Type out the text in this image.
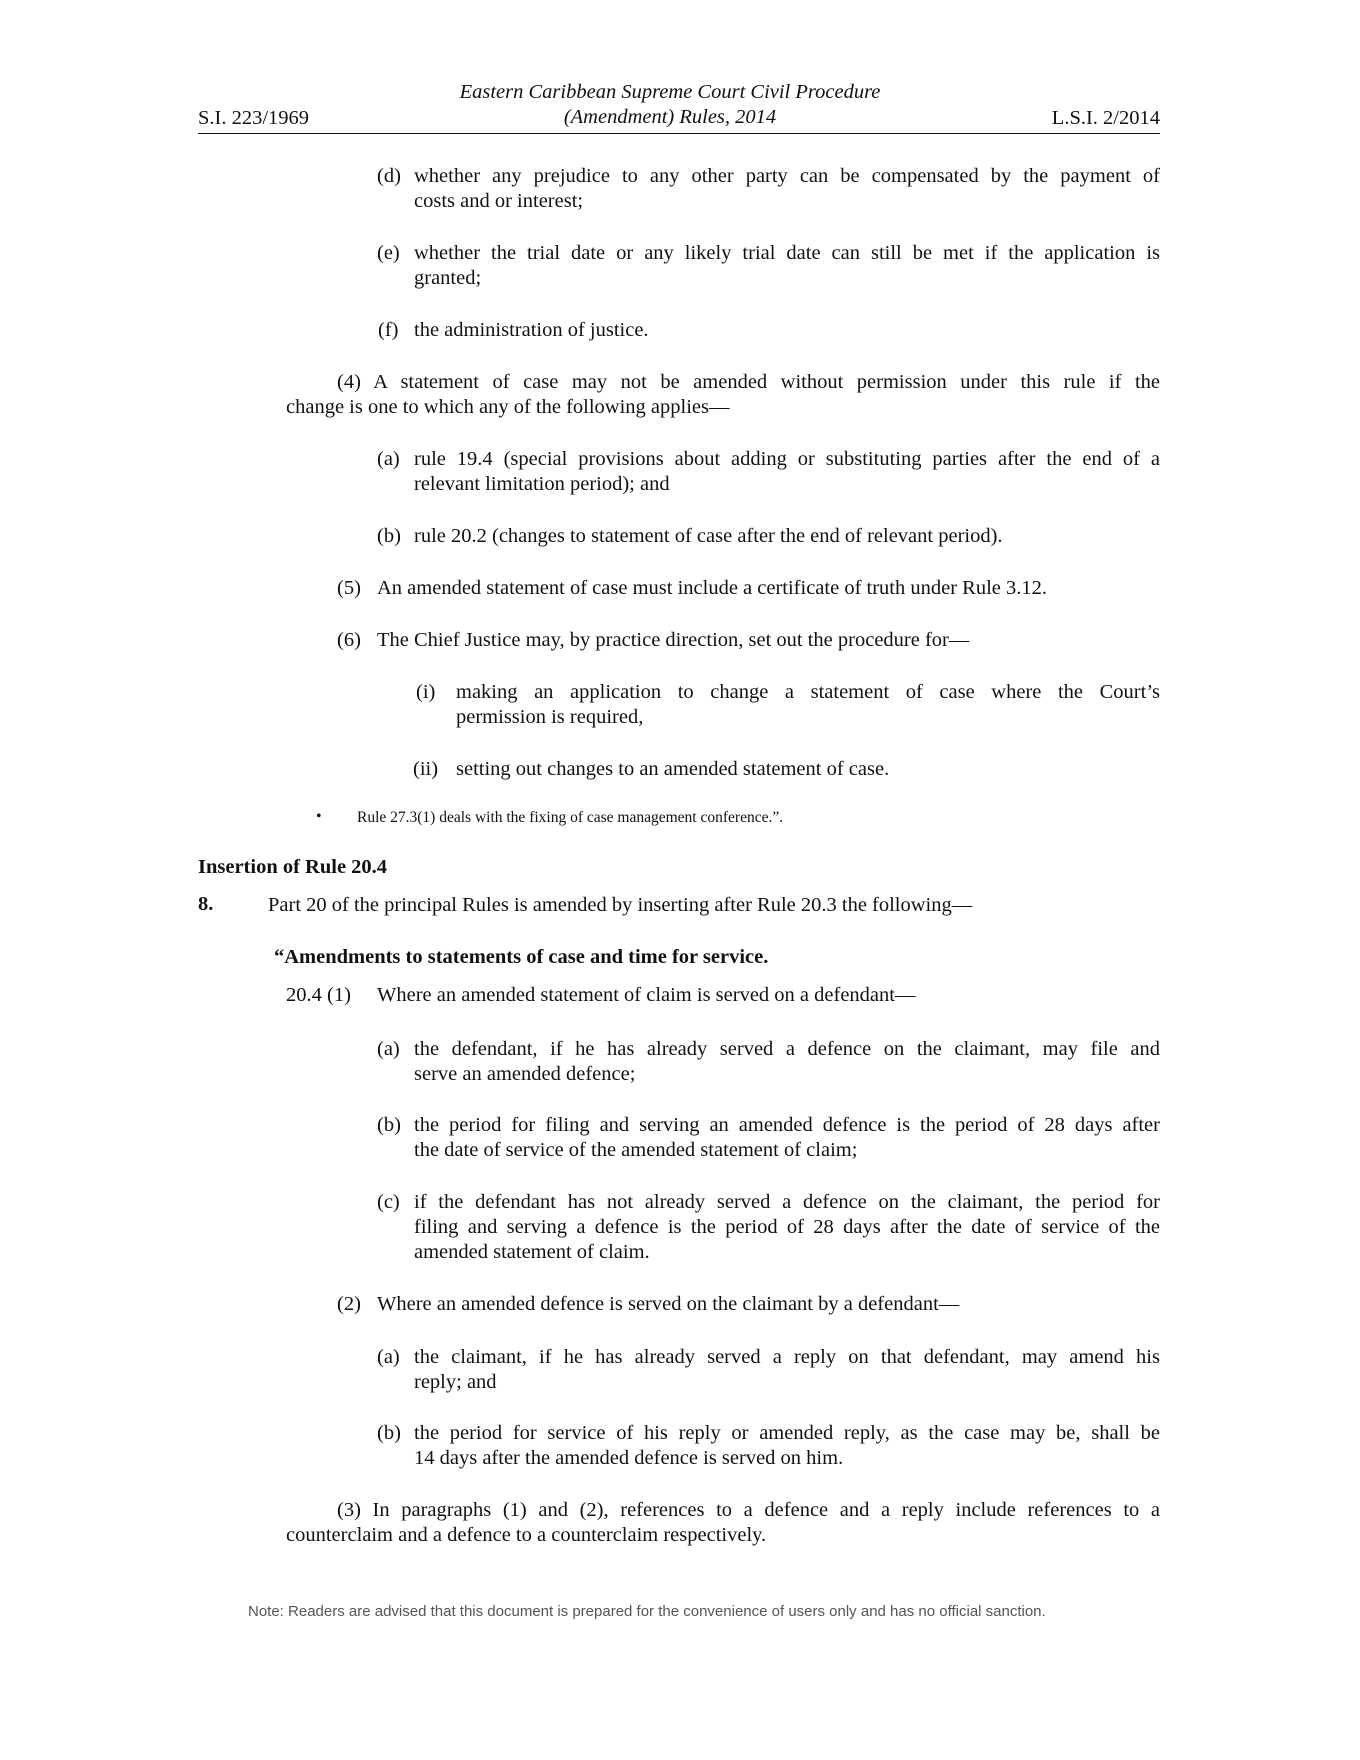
Eastern Caribbean Supreme Court Civil Procedure
(Amendment) Rules, 2014
S.I. 223/1969	L.S.I. 2/2014
(d) whether any prejudice to any other party can be compensated by the payment of
costs and or interest;
(e) whether the trial date or any likely trial date can still be met if the application is
granted;
(f) the administration of justice.
(4) A statement of case may not be amended without permission under this rule if the
change is one to which any of the following applies—
(a) rule 19.4 (special provisions about adding or substituting parties after the end of a
relevant limitation period); and
(b) rule 20.2 (changes to statement of case after the end of relevant period).
(5) An amended statement of case must include a certificate of truth under Rule 3.12.
(6) The Chief Justice may, by practice direction, set out the procedure for—
(i) making an application to change a statement of case where the Court’s
permission is required,
(ii) setting out changes to an amended statement of case.
• Rule 27.3(1) deals with the fixing of case management conference.”.
Insertion of Rule 20.4
8.	Part 20 of the principal Rules is amended by inserting after Rule 20.3 the following—
“Amendments to statements of case and time for service.
20.4 (1) Where an amended statement of claim is served on a defendant—
(a) the defendant, if he has already served a defence on the claimant, may file and
serve an amended defence;
(b) the period for filing and serving an amended defence is the period of 28 days after
the date of service of the amended statement of claim;
(c) if the defendant has not already served a defence on the claimant, the period for
filing and serving a defence is the period of 28 days after the date of service of the
amended statement of claim.
(2) Where an amended defence is served on the claimant by a defendant—
(a) the claimant, if he has already served a reply on that defendant, may amend his
reply; and
(b) the period for service of his reply or amended reply, as the case may be, shall be
14 days after the amended defence is served on him.
(3) In paragraphs (1) and (2), references to a defence and a reply include references to a
counterclaim and a defence to a counterclaim respectively.
Note: Readers are advised that this document is prepared for the convenience of users only and has no official sanction.
